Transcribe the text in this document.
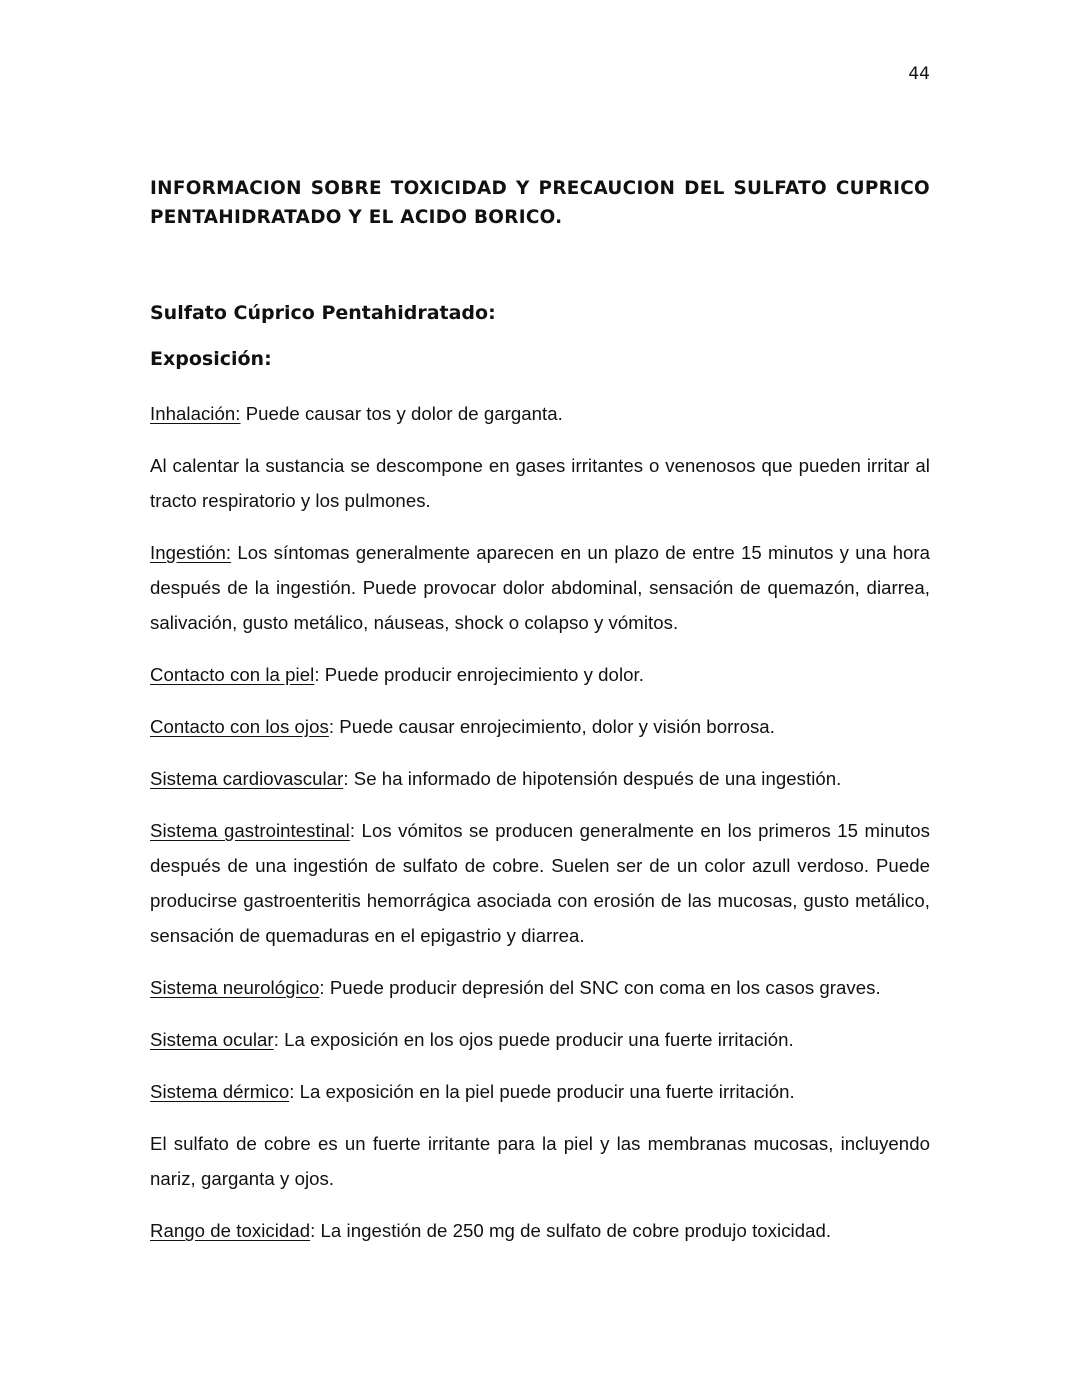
44
INFORMACION SOBRE TOXICIDAD Y PRECAUCION DEL SULFATO CUPRICO PENTAHIDRATADO Y EL ACIDO BORICO.
Sulfato Cúprico Pentahidratado:
Exposición:

Inhalación: Puede causar tos y dolor de garganta.

Al calentar la sustancia se descompone en gases irritantes o venenosos que pueden irritar al tracto respiratorio y los pulmones.

Ingestión: Los síntomas generalmente aparecen en un plazo de entre 15 minutos y una hora después de la ingestión. Puede provocar dolor abdominal, sensación de quemazón, diarrea, salivación, gusto metálico, náuseas, shock o colapso y vómitos.

Contacto con la piel: Puede producir enrojecimiento y dolor.

Contacto con los ojos: Puede causar enrojecimiento, dolor y visión borrosa.

Sistema cardiovascular: Se ha informado de hipotensión después de una ingestión.

Sistema gastrointestinal: Los vómitos se producen generalmente en los primeros 15 minutos después de una ingestión de sulfato de cobre. Suelen ser de un color azull verdoso. Puede producirse gastroenteritis hemorrágica asociada con erosión de las mucosas, gusto metálico, sensación de quemaduras en el epigastrio y diarrea.

Sistema neurológico: Puede producir depresión del SNC con coma en los casos graves.

Sistema ocular: La exposición en los ojos puede producir una fuerte irritación.

Sistema dérmico: La exposición en la piel puede producir una fuerte irritación.

El sulfato de cobre es un fuerte irritante para la piel y las membranas mucosas, incluyendo nariz, garganta y ojos.

Rango de toxicidad: La ingestión de 250 mg de sulfato de cobre produjo toxicidad.
